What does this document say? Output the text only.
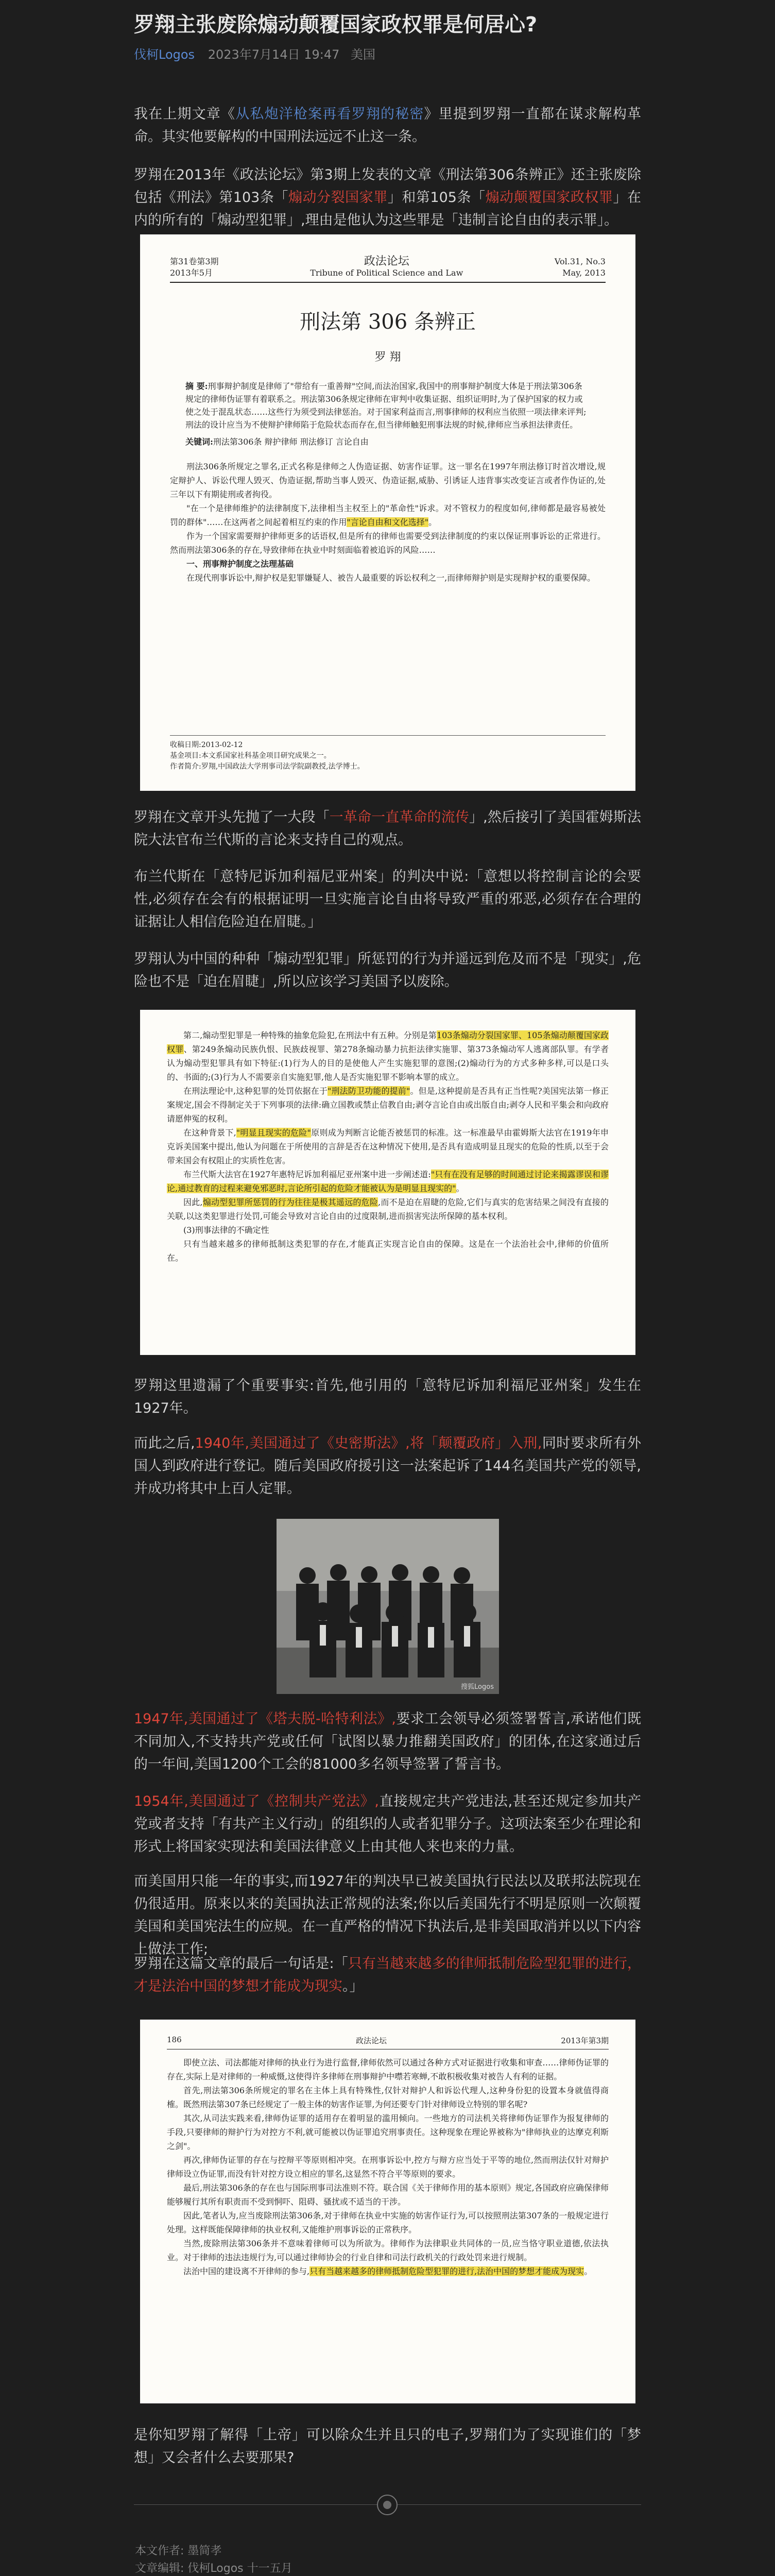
罗翔主张废除煽动颠覆国家政权罪是何居心?
伐柯Logos 2023年7月14日 19:47 美国

我在上期文章《从私炮洋枪案再看罗翔的秘密》里提到罗翔一直都在谋求解构革命。其实他要解构的中国刑法远远不止这一条。

罗翔在2013年《政法论坛》第3期上发表的文章《刑法第306条辨正》还主张废除包括《刑法》第103条「煽动分裂国家罪」和第105条「煽动颠覆国家政权罪」在内的所有的「煽动型犯罪」,理由是他认为这些罪是「违制言论自由的表示罪」。

第31卷第3期
2013年5月
政法论坛
Tribune of Political Science and Law
Vol.31, No.3
May, 2013
刑法第 306 条辨正
罗 翔
摘 要:刑事辩护制度是律师了"带给有一重善辩"空间,而法治国家,我国中的刑事辩护制度大体是于刑法第306条规定的律师伪证罪有着联系之。刑法第306条规定律师在审判中收集证据、组织证明时,为了保护国家的权力或使之处于混乱状态……这些行为须受到法律惩治。对于国家利益而言,刑事律师的权利应当依照一项法律来评判;刑法的设计应当为不使辩护律师陷于危险状态而存在,但当律师触犯刑事法规的时候,律师应当承担法律责任。
关键词:刑法第306条 辩护律师 刑法修订 言论自由
刑法306条所规定之罪名,正式名称是律师之人伪造证据、妨害作证罪。这一罪名在1997年刑法修订时首次增设,规定辩护人、诉讼代理人毁灭、伪造证据,帮助当事人毁灭、伪造证据,威胁、引诱证人违背事实改变证言或者作伪证的,处三年以下有期徒刑或者拘役。
"在一个是律师维护的法律制度下,法律相当主权至上的"革命性"诉求。对不管权力的程度如何,律师都是最容易被处罚的群体"……在这两者之间起着相互约束的作用"言论自由和文化选择"。
作为一个国家需要辩护律师更多的话语权,但是所有的律师也需要受到法律制度的约束以保证刑事诉讼的正常进行。然而刑法第306条的存在,导致律师在执业中时刻面临着被追诉的风险……
一、刑事辩护制度之法理基础
在现代刑事诉讼中,辩护权是犯罪嫌疑人、被告人最重要的诉讼权利之一,而律师辩护则是实现辩护权的重要保障。
收稿日期:2013-02-12
基金项目:本文系国家社科基金项目研究成果之一。
作者简介:罗翔,中国政法大学刑事司法学院副教授,法学博士。

罗翔在文章开头先抛了一大段「一革命一直革命的流传」,然后接引了美国霍姆斯法院大法官布兰代斯的言论来支持自己的观点。

布兰代斯在「意特尼诉加利福尼亚州案」的判决中说:「意想以将控制言论的会要性,必须存在会有的根据证明一旦实施言论自由将导致严重的邪恶,必须存在合理的证据让人相信危险迫在眉睫。」

罗翔认为中国的种种「煽动型犯罪」所惩罚的行为并遥远到危及而不是「现实」,危险也不是「迫在眉睫」,所以应该学习美国予以废除。

第二,煽动型犯罪是一种特殊的抽象危险犯,在刑法中有五种。分别是第103条煽动分裂国家罪、105条煽动颠覆国家政权罪、第249条煽动民族仇恨、民族歧视罪、第278条煽动暴力抗拒法律实施罪、第373条煽动军人逃离部队罪。有学者认为煽动型犯罪具有如下特征:(1)行为人的目的是使他人产生实施犯罪的意图;(2)煽动行为的方式多种多样,可以是口头的、书面的;(3)行为人不需要亲自实施犯罪,他人是否实施犯罪不影响本罪的成立。
在刑法理论中,这种犯罪的处罚依据在于"刑法防卫功能的提前"。但是,这种提前是否具有正当性呢?美国宪法第一修正案规定,国会不得制定关于下列事项的法律:确立国教或禁止信教自由;剥夺言论自由或出版自由;剥夺人民和平集会和向政府请愿伸冤的权利。
在这种背景下,"明显且现实的危险"原则成为判断言论能否被惩罚的标准。这一标准最早由霍姆斯大法官在1919年申克诉美国案中提出,他认为问题在于所使用的言辞是否在这种情况下使用,是否具有造成明显且现实的危险的性质,以至于会带来国会有权阻止的实质性危害。
布兰代斯大法官在1927年惠特尼诉加利福尼亚州案中进一步阐述道:"只有在没有足够的时间通过讨论来揭露谬误和谬论,通过教育的过程来避免邪恶时,言论所引起的危险才能被认为是明显且现实的"。
因此,煽动型犯罪所惩罚的行为往往是极其遥远的危险,而不是迫在眉睫的危险,它们与真实的危害结果之间没有直接的关联,以这类犯罪进行处罚,可能会导致对言论自由的过度限制,进而损害宪法所保障的基本权利。
(3)刑事法律的不确定性
只有当越来越多的律师抵制这类犯罪的存在,才能真正实现言论自由的保障。这是在一个法治社会中,律师的价值所在。

罗翔这里遗漏了个重要事实:首先,他引用的「意特尼诉加利福尼亚州案」发生在1927年。

而此之后,1940年,美国通过了《史密斯法》,将「颠覆政府」入刑,同时要求所有外国人到政府进行登记。随后美国政府援引这一法案起诉了144名美国共产党的领导,并成功将其中上百人定罪。

搜狐Logos

1947年,美国通过了《塔夫脱-哈特利法》,要求工会领导必须签署誓言,承诺他们既不同加入,不支持共产党或任何「试图以暴力推翻美国政府」的团体,在这家通过后的一年间,美国1200个工会的81000多名领导签署了誓言书。

1954年,美国通过了《控制共产党法》,直接规定共产党违法,甚至还规定参加共产党或者支持「有共产主义行动」的组织的人或者犯罪分子。这项法案至少在理论和形式上将国家实现法和美国法律意义上由其他人来也来的力量。

而美国用只能一年的事实,而1927年的判决早已被美国执行民法以及联邦法院现在仍很适用。原来以来的美国执法正常规的法案;你以后美国先行不明是原则一次颠覆美国和美国宪法生的应规。在一直严格的情况下执法后,是非美国取消并以以下内容上做法工作;

罗翔在这篇文章的最后一句话是:「只有当越来越多的律师抵制危险型犯罪的进行，才是法治中国的梦想才能成为现实。」

186	政法论坛	2013年第3期
即使立法、司法都能对律师的执业行为进行监督,律师依然可以通过各种方式对证据进行收集和审查……律师伪证罪的存在,实际上是对律师的一种威慑,这使得许多律师在刑事辩护中噤若寒蝉,不敢积极收集对被告人有利的证据。
首先,刑法第306条所规定的罪名在主体上具有特殊性,仅针对辩护人和诉讼代理人,这种身份犯的设置本身就值得商榷。既然刑法第307条已经规定了一般主体的妨害作证罪,为何还要专门针对律师设立特别的罪名呢?
其次,从司法实践来看,律师伪证罪的适用存在着明显的滥用倾向。一些地方的司法机关将律师伪证罪作为报复律师的手段,只要律师的辩护行为对控方不利,就可能被以伪证罪追究刑事责任。这种现象在理论界被称为"律师执业的达摩克利斯之剑"。
再次,律师伪证罪的存在与控辩平等原则相冲突。在刑事诉讼中,控方与辩方应当处于平等的地位,然而刑法仅针对辩护律师设立伪证罪,而没有针对控方设立相应的罪名,这显然不符合平等原则的要求。
最后,刑法第306条的存在也与国际刑事司法准则不符。联合国《关于律师作用的基本原则》规定,各国政府应确保律师能够履行其所有职责而不受到恫吓、阻碍、骚扰或不适当的干涉。
因此,笔者认为,应当废除刑法第306条,对于律师在执业中实施的妨害作证行为,可以按照刑法第307条的一般规定进行处理。这样既能保障律师的执业权利,又能维护刑事诉讼的正常秩序。
当然,废除刑法第306条并不意味着律师可以为所欲为。律师作为法律职业共同体的一员,应当恪守职业道德,依法执业。对于律师的违法违规行为,可以通过律师协会的行业自律和司法行政机关的行政处罚来进行规制。
法治中国的建设离不开律师的参与,只有当越来越多的律师抵制危险型犯罪的进行,法治中国的梦想才能成为现实。

是你知罗翔了解得「上帝」可以除众生并且只的电子,罗翔们为了实现谁们的「梦想」又会者什么去要那果?

本文作者: 墨简孝
文章编辑: 伐柯Logos 十一五月
